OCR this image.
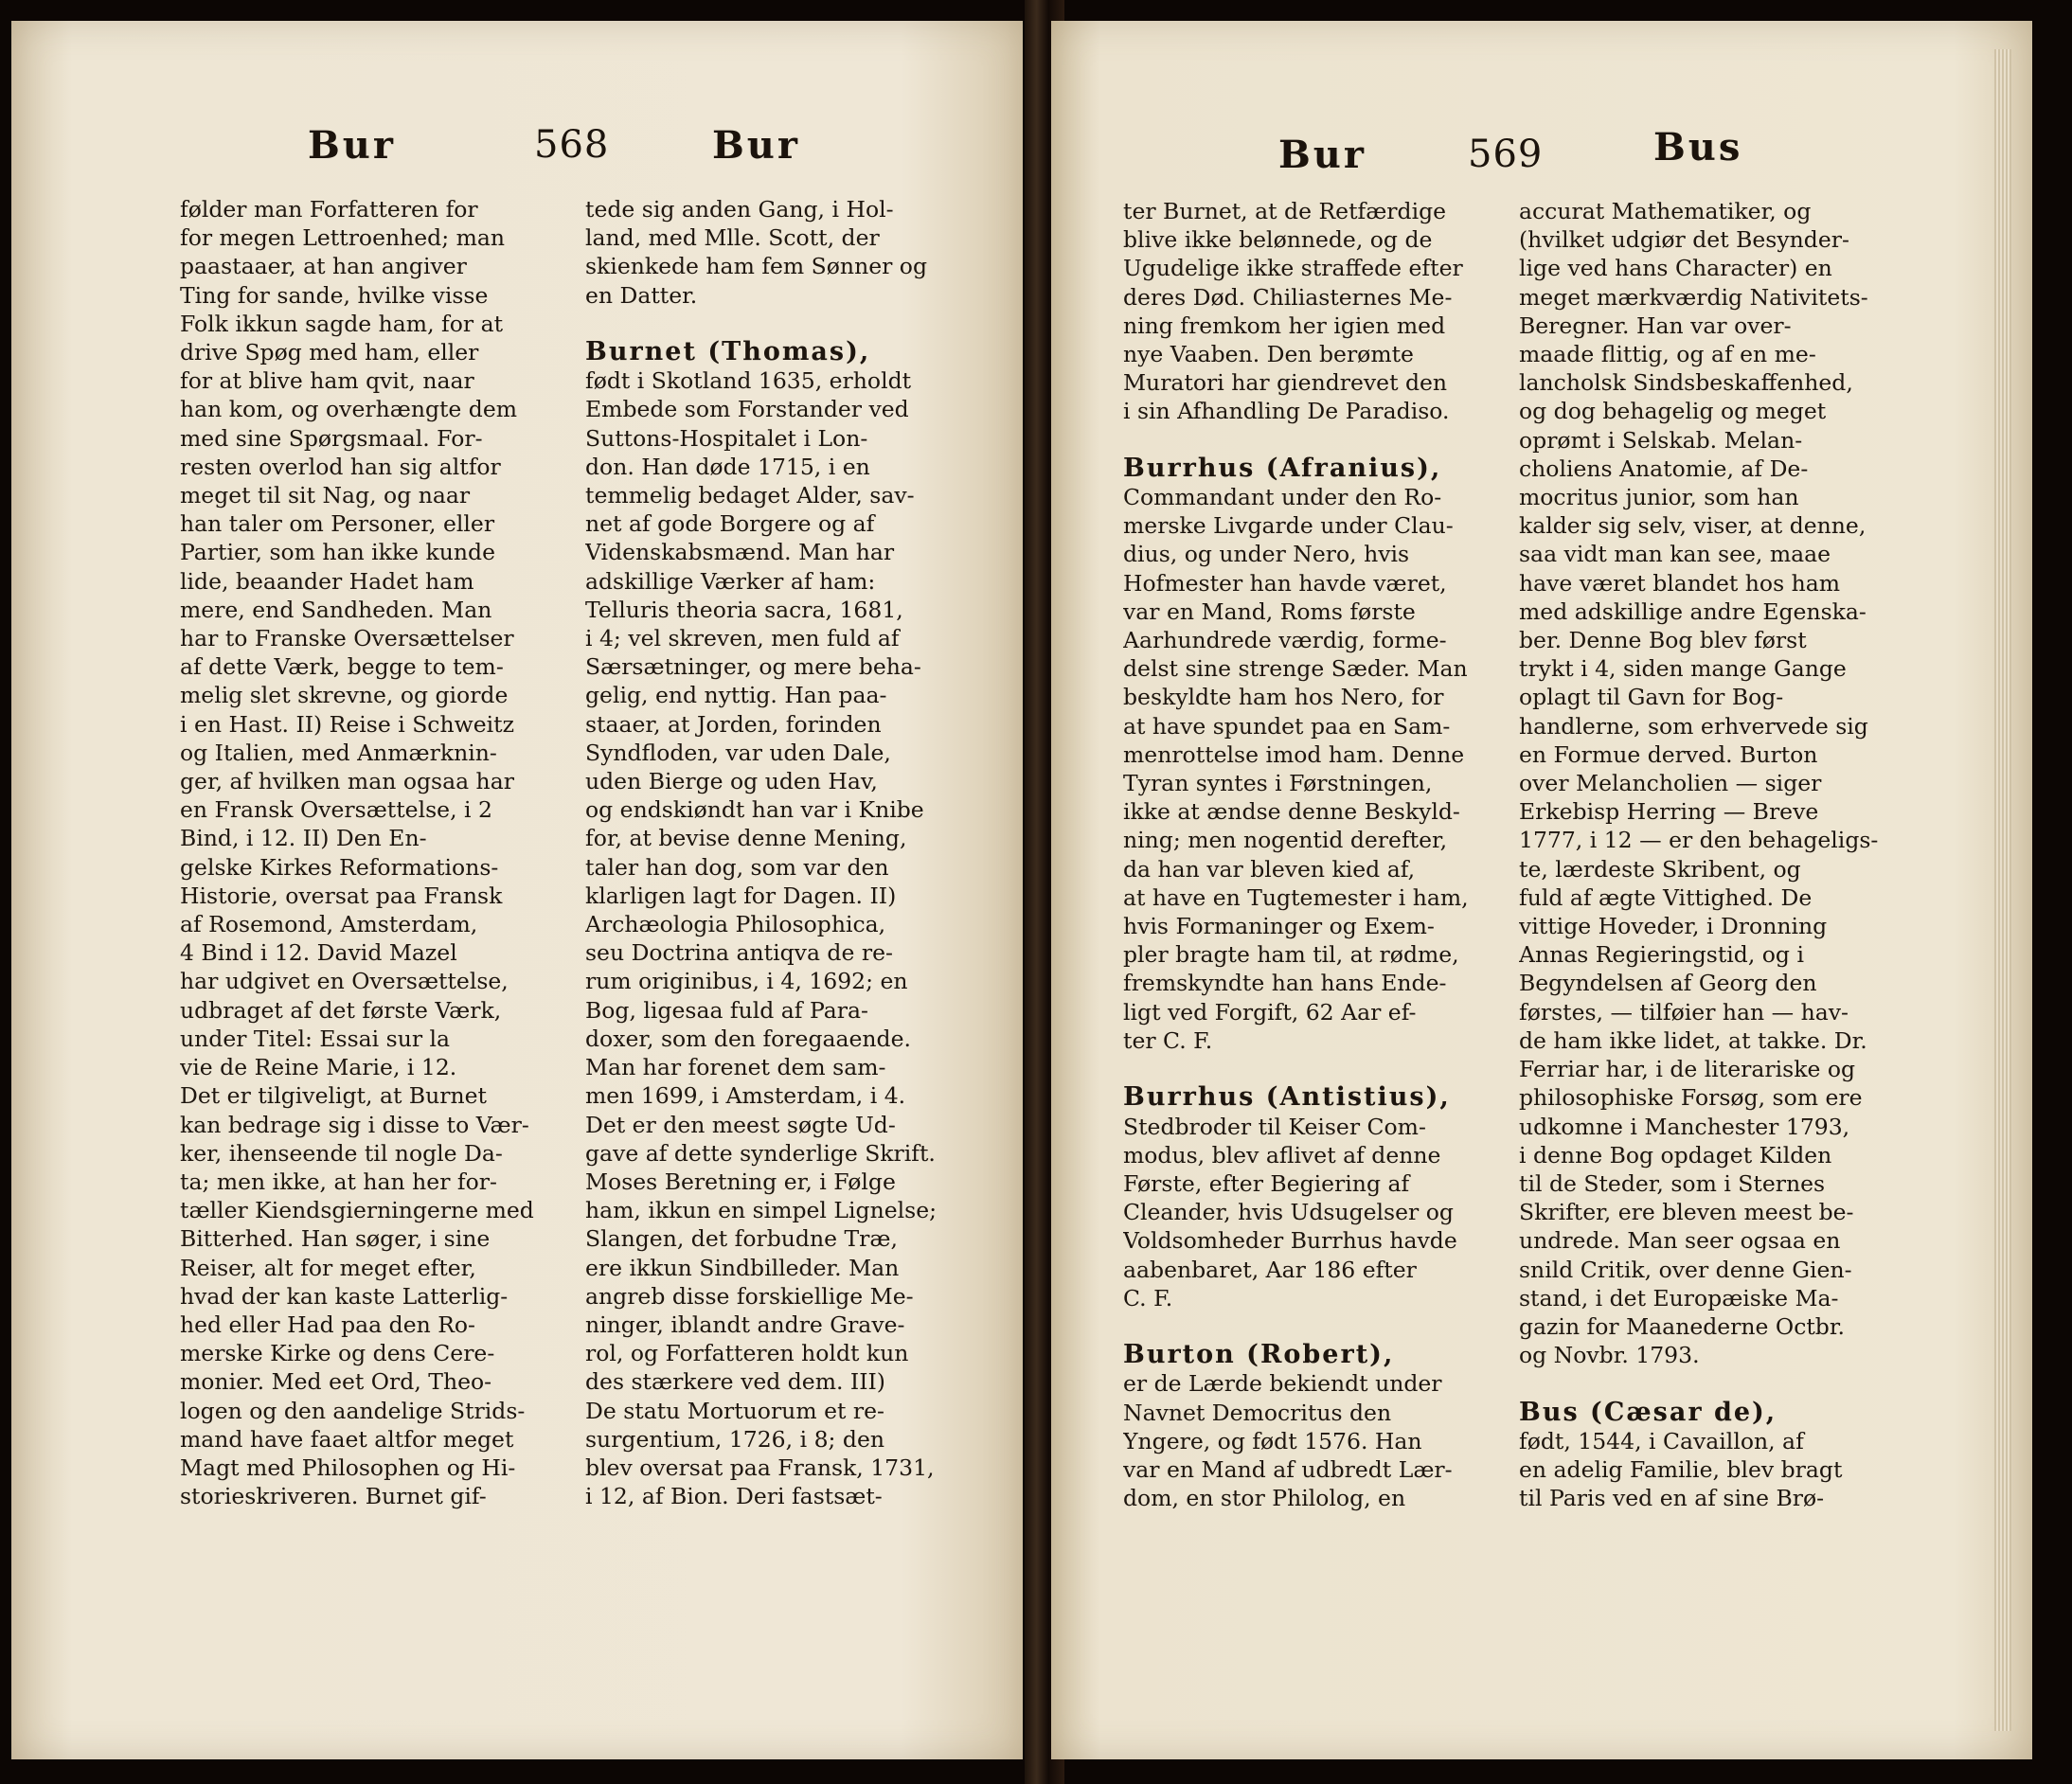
Bur	568	Bur
følder man Forfatteren for
for megen Lettroenhed; man
paastaaer, at han angiver
Ting for sande, hvilke visse
Folk ikkun sagde ham, for at
drive Spøg med ham, eller
for at blive ham qvit, naar
han kom, og overhængte dem
med sine Spørgsmaal. For-
resten overlod han sig altfor
meget til sit Nag, og naar
han taler om Personer, eller
Partier, som han ikke kunde
lide, beaander Hadet ham
mere, end Sandheden. Man
har to Franske Oversættelser
af dette Værk, begge to tem-
melig slet skrevne, og giorde
i en Hast. II) Reise i Schweitz
og Italien, med Anmærknin-
ger, af hvilken man ogsaa har
en Fransk Oversættelse, i 2
Bind, i 12. II) Den En-
gelske Kirkes Reformations-
Historie, oversat paa Fransk
af Rosemond, Amsterdam,
4 Bind i 12. David Mazel
har udgivet en Oversættelse,
udbraget af det første Værk,
under Titel: Essai sur la
vie de Reine Marie, i 12.
Det er tilgiveligt, at Burnet
kan bedrage sig i disse to Vær-
ker, ihenseende til nogle Da-
ta; men ikke, at han her for-
tæller Kiendsgierningerne med
Bitterhed. Han søger, i sine
Reiser, alt for meget efter,
hvad der kan kaste Latterlig-
hed eller Had paa den Ro-
merske Kirke og dens Cere-
monier. Med eet Ord, Theo-
logen og den aandelige Strids-
mand have faaet altfor meget
Magt med Philosophen og Hi-
storieskriveren. Burnet gif-
tede sig anden Gang, i Hol-
land, med Mlle. Scott, der
skienkede ham fem Sønner og
en Datter.

Burnet (Thomas),
født i Skotland 1635, erholdt
Embede som Forstander ved
Suttons-Hospitalet i Lon-
don. Han døde 1715, i en
temmelig bedaget Alder, sav-
net af gode Borgere og af
Videnskabsmænd. Man har
adskillige Værker af ham:
Telluris theoria sacra, 1681,
i 4; vel skreven, men fuld af
Særsætninger, og mere beha-
gelig, end nyttig. Han paa-
staaer, at Jorden, forinden
Syndfloden, var uden Dale,
uden Bierge og uden Hav,
og endskiøndt han var i Knibe
for, at bevise denne Mening,
taler han dog, som var den
klarligen lagt for Dagen. II)
Archæologia Philosophica,
seu Doctrina antiqva de re-
rum originibus, i 4, 1692; en
Bog, ligesaa fuld af Para-
doxer, som den foregaaende.
Man har forenet dem sam-
men 1699, i Amsterdam, i 4.
Det er den meest søgte Ud-
gave af dette synderlige Skrift.
Moses Beretning er, i Følge
ham, ikkun en simpel Lignelse;
Slangen, det forbudne Træ,
ere ikkun Sindbilleder. Man
angreb disse forskiellige Me-
ninger, iblandt andre Grave-
rol, og Forfatteren holdt kun
des stærkere ved dem. III)
De statu Mortuorum et re-
surgentium, 1726, i 8; den
blev oversat paa Fransk, 1731,
i 12, af Bion. Deri fastsæt-
Bur	569	Bus
ter Burnet, at de Retfærdige
blive ikke belønnede, og de
Ugudelige ikke straffede efter
deres Død. Chiliasternes Me-
ning fremkom her igien med
nye Vaaben. Den berømte
Muratori har giendrevet den
i sin Afhandling De Paradiso.

Burrhus (Afranius),
Commandant under den Ro-
merske Livgarde under Clau-
dius, og under Nero, hvis
Hofmester han havde været,
var en Mand, Roms første
Aarhundrede værdig, forme-
delst sine strenge Sæder. Man
beskyldte ham hos Nero, for
at have spundet paa en Sam-
menrottelse imod ham. Denne
Tyran syntes i Førstningen,
ikke at ændse denne Beskyld-
ning; men nogentid derefter,
da han var bleven kied af,
at have en Tugtemester i ham,
hvis Formaninger og Exem-
pler bragte ham til, at rødme,
fremskyndte han hans Ende-
ligt ved Forgift, 62 Aar ef-
ter C. F.

Burrhus (Antistius),
Stedbroder til Keiser Com-
modus, blev aflivet af denne
Første, efter Begiering af
Cleander, hvis Udsugelser og
Voldsomheder Burrhus havde
aabenbaret, Aar 186 efter
C. F.

Burton (Robert),
er de Lærde bekiendt under
Navnet Democritus den
Yngere, og født 1576. Han
var en Mand af udbredt Lær-
dom, en stor Philolog, en
accurat Mathematiker, og
(hvilket udgiør det Besynder-
lige ved hans Character) en
meget mærkværdig Nativitets-
Beregner. Han var over-
maade flittig, og af en me-
lancholsk Sindsbeskaffenhed,
og dog behagelig og meget
oprømt i Selskab. Melan-
choliens Anatomie, af De-
mocritus junior, som han
kalder sig selv, viser, at denne,
saa vidt man kan see, maae
have været blandet hos ham
med adskillige andre Egenska-
ber. Denne Bog blev først
trykt i 4, siden mange Gange
oplagt til Gavn for Bog-
handlerne, som erhvervede sig
en Formue derved. Burton
over Melancholien — siger
Erkebisp Herring — Breve
1777, i 12 — er den behageligs-
te, lærdeste Skribent, og
fuld af ægte Vittighed. De
vittige Hoveder, i Dronning
Annas Regieringstid, og i
Begyndelsen af Georg den
førstes, — tilføier han — hav-
de ham ikke lidet, at takke. Dr.
Ferriar har, i de literariske og
philosophiske Forsøg, som ere
udkomne i Manchester 1793,
i denne Bog opdaget Kilden
til de Steder, som i Sternes
Skrifter, ere bleven meest be-
undrede. Man seer ogsaa en
snild Critik, over denne Gien-
stand, i det Europæiske Ma-
gazin for Maanederne Octbr.
og Novbr. 1793.

Bus (Cæsar de),
født, 1544, i Cavaillon, af
en adelig Familie, blev bragt
til Paris ved en af sine Brø-
